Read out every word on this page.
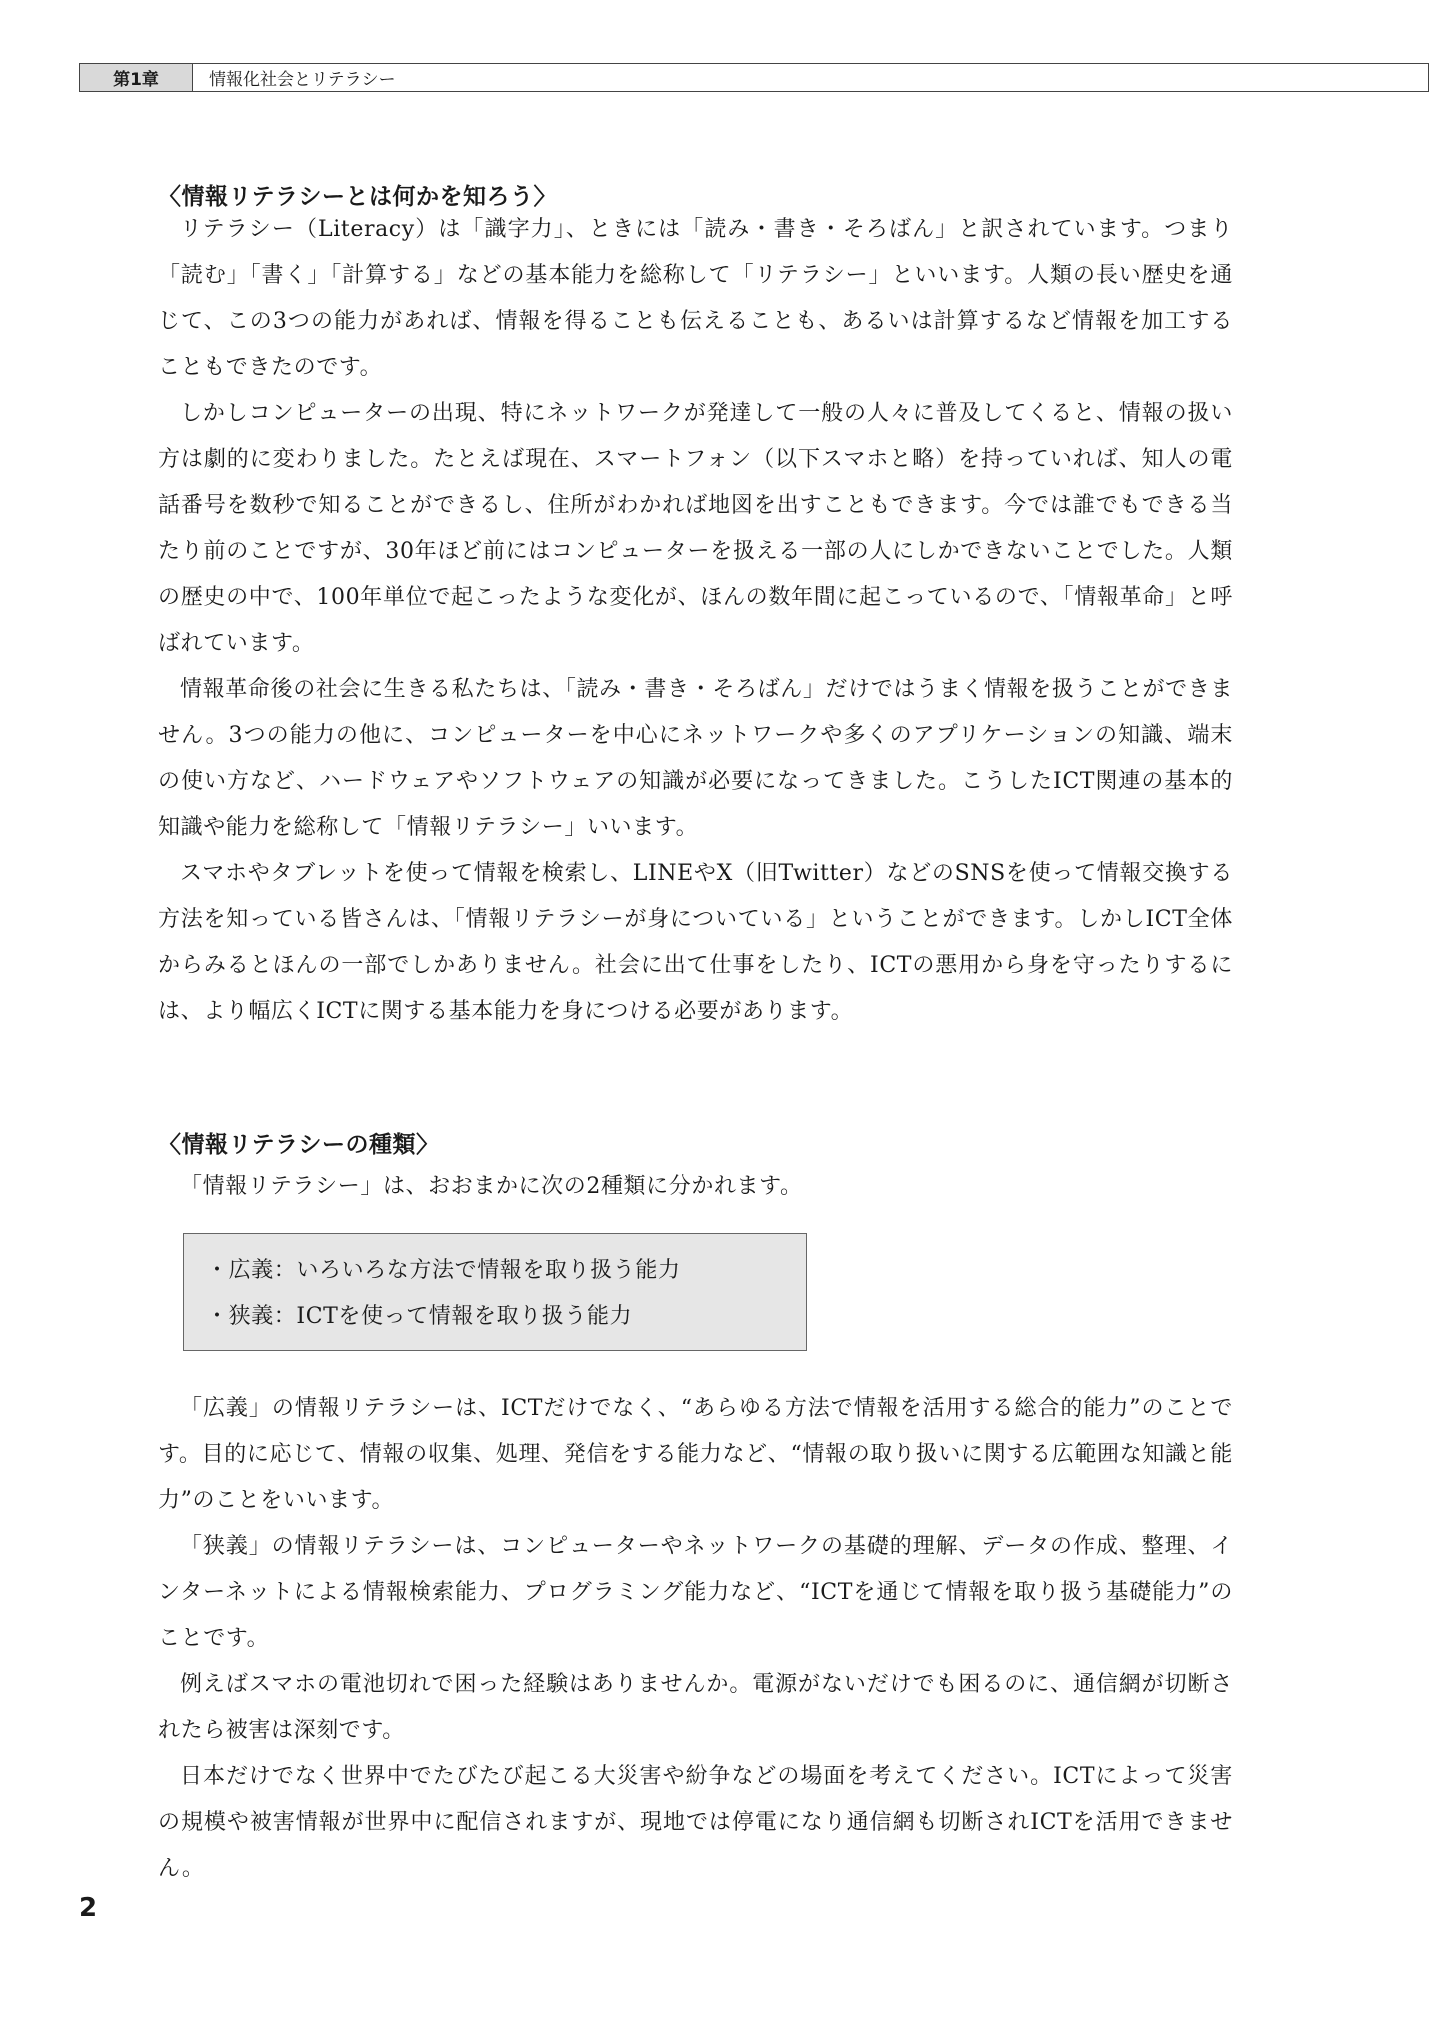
第1章	情報化社会とリテラシー
〈情報リテラシーとは何かを知ろう〉

リテラシー（Literacy）は「識字力」、ときには「読み・書き・そろばん」と訳されています。つまり「読む」「書く」「計算する」などの基本能力を総称して「リテラシー」といいます。人類の長い歴史を通じて、この3つの能力があれば、情報を得ることも伝えることも、あるいは計算するなど情報を加工することもできたのです。

しかしコンピューターの出現、特にネットワークが発達して一般の人々に普及してくると、情報の扱い方は劇的に変わりました。たとえば現在、スマートフォン（以下スマホと略）を持っていれば、知人の電話番号を数秒で知ることができるし、住所がわかれば地図を出すこともできます。今では誰でもできる当たり前のことですが、30年ほど前にはコンピューターを扱える一部の人にしかできないことでした。人類の歴史の中で、100年単位で起こったような変化が、ほんの数年間に起こっているので、「情報革命」と呼ばれています。

情報革命後の社会に生きる私たちは、「読み・書き・そろばん」だけではうまく情報を扱うことができません。3つの能力の他に、コンピューターを中心にネットワークや多くのアプリケーションの知識、端末の使い方など、ハードウェアやソフトウェアの知識が必要になってきました。こうしたICT関連の基本的知識や能力を総称して「情報リテラシー」いいます。

スマホやタブレットを使って情報を検索し、LINEやX（旧Twitter）などのSNSを使って情報交換する方法を知っている皆さんは、「情報リテラシーが身についている」ということができます。しかしICT全体からみるとほんの一部でしかありません。社会に出て仕事をしたり、ICTの悪用から身を守ったりするには、より幅広くICTに関する基本能力を身につける必要があります。

〈情報リテラシーの種類〉

「情報リテラシー」は、おおまかに次の2種類に分かれます。

・広義：いろいろな方法で情報を取り扱う能力
・狭義：ICTを使って情報を取り扱う能力

「広義」の情報リテラシーは、ICTだけでなく、“あらゆる方法で情報を活用する総合的能力”のことです。目的に応じて、情報の収集、処理、発信をする能力など、“情報の取り扱いに関する広範囲な知識と能力”のことをいいます。

「狭義」の情報リテラシーは、コンピューターやネットワークの基礎的理解、データの作成、整理、インターネットによる情報検索能力、プログラミング能力など、“ICTを通じて情報を取り扱う基礎能力”のことです。

例えばスマホの電池切れで困った経験はありませんか。電源がないだけでも困るのに、通信網が切断されたら被害は深刻です。

日本だけでなく世界中でたびたび起こる大災害や紛争などの場面を考えてください。ICTによって災害の規模や被害情報が世界中に配信されますが、現地では停電になり通信網も切断されICTを活用できません。

2
